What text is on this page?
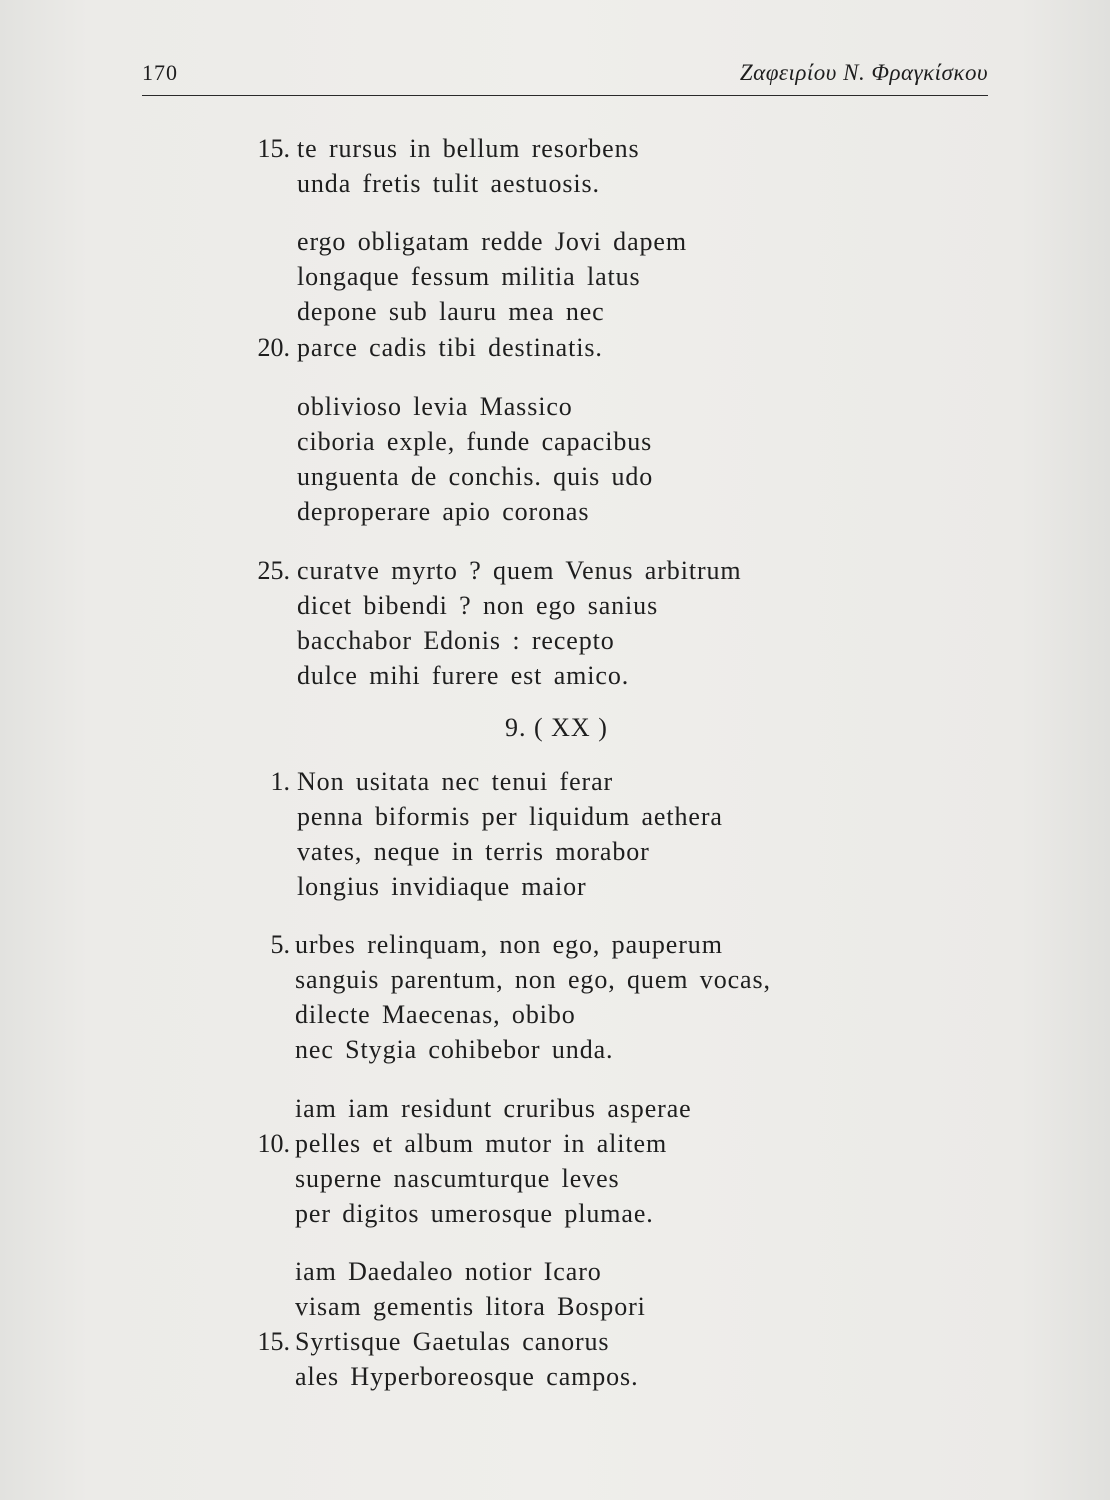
170	Ζαφειρίου Ν. Φραγκίσκου
15. te rursus in bellum resorbens
unda fretis tulit aestuosis.
ergo obligatam redde Jovi dapem
longaque fessum militia latus
depone sub lauru mea nec
20. parce cadis tibi destinatis.
oblivioso levia Massico
ciboria exple, funde capacibus
unguenta de conchis. quis udo
deproperare apio coronas
25. curatve myrto ? quem Venus arbitrum
dicet bibendi ? non ego sanius
bacchabor Edonis : recepto
dulce mihi furere est amico.
9. ( XX )
1. Non usitata nec tenui ferar
penna biformis per liquidum aethera
vates, neque in terris morabor
longius invidiaque maior
5. urbes relinquam, non ego, pauperum
sanguis parentum, non ego, quem vocas,
dilecte Maecenas, obibo
nec Stygia cohibebor unda.
iam iam residunt cruribus asperae
10. pelles et album mutor in alitem
superne nascumturque leves
per digitos umerosque plumae.
iam Daedaleo notior Icaro
visam gementis litora Bospori
15. Syrtisque Gaetulas canorus
ales Hyperboreosque campos.
